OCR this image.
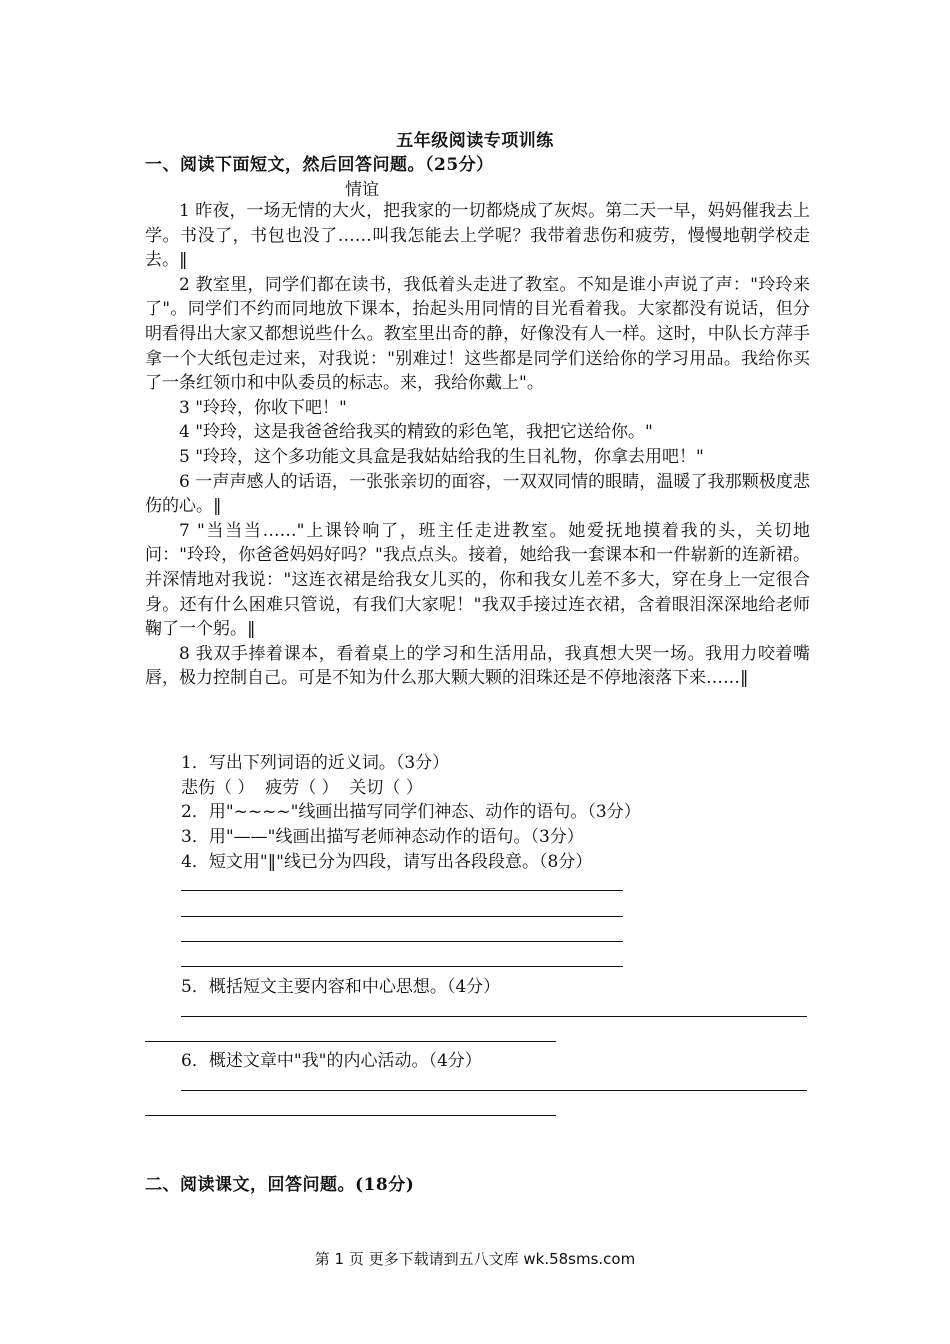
五年级阅读专项训练
一、阅读下面短文，然后回答问题。（25分）
情谊

1 昨夜，一场无情的大火，把我家的一切都烧成了灰烬。第二天一早，妈妈催我去上学。书没了，书包也没了……叫我怎能去上学呢？我带着悲伤和疲劳，慢慢地朝学校走去。‖

2 教室里，同学们都在读书，我低着头走进了教室。不知是谁小声说了声："玲玲来了"。同学们不约而同地放下课本，抬起头用同情的目光看着我。大家都没有说话，但分明看得出大家又都想说些什么。教室里出奇的静，好像没有人一样。这时，中队长方萍手拿一个大纸包走过来，对我说："别难过！这些都是同学们送给你的学习用品。我给你买了一条红领巾和中队委员的标志。来，我给你戴上"。

3 "玲玲，你收下吧！"

4 "玲玲，这是我爸爸给我买的精致的彩色笔，我把它送给你。"

5 "玲玲，这个多功能文具盒是我姑姑给我的生日礼物，你拿去用吧！"

6 一声声感人的话语，一张张亲切的面容，一双双同情的眼睛，温暖了我那颗极度悲伤的心。‖

7 "当当当……"上课铃响了，班主任走进教室。她爱抚地摸着我的头，关切地问："玲玲，你爸爸妈妈好吗？"我点点头。接着，她给我一套课本和一件崭新的连新裙。并深情地对我说："这连衣裙是给我女儿买的，你和我女儿差不多大，穿在身上一定很合身。还有什么困难只管说，有我们大家呢！"我双手接过连衣裙，含着眼泪深深地给老师鞠了一个躬。‖

8 我双手捧着课本，看着桌上的学习和生活用品，我真想大哭一场。我用力咬着嘴唇，极力控制自己。可是不知为什么那大颗大颗的泪珠还是不停地滚落下来……‖

1．写出下列词语的近义词。（3分）
悲伤（ ）  疲劳（ ）  关切（ ）
2．用"~~~~"线画出描写同学们神态、动作的语句。（3分）
3．用"——"线画出描写老师神态动作的语句。（3分）
4．短文用"‖"线已分为四段，请写出各段段意。（8分）
5．概括短文主要内容和中心思想。（4分）
6．概述文章中"我"的内心活动。（4分）
二、阅读课文，回答问题。(18分)
第 1 页 更多下载请到五八文库 wk.58sms.com
